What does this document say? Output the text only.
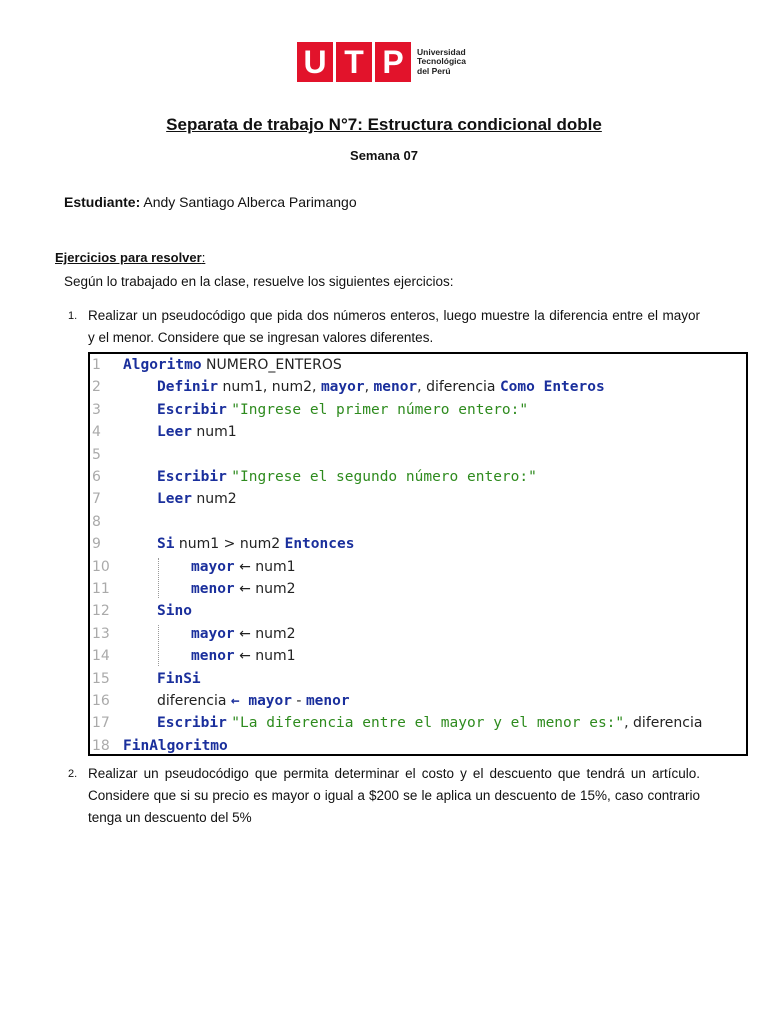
U T P	Universidad
Tecnológica
del Perú
Separata de trabajo N°7: Estructura condicional doble
Semana 07
Estudiante: Andy Santiago Alberca Parimango
Ejercicios para resolver:
Según lo trabajado en la clase, resuelve los siguientes ejercicios:
1. Realizar un pseudocódigo que pida dos números enteros, luego muestre la diferencia entre el mayor y el menor. Considere que se ingresan valores diferentes.
1	Algoritmo NUMERO_ENTEROS
2	Definir num1, num2, mayor, menor, diferencia Como Enteros
3	Escribir "Ingrese el primer número entero:"
4	Leer num1
5
6	Escribir "Ingrese el segundo número entero:"
7	Leer num2
8
9	Si num1 > num2 Entonces
10	mayor ← num1
11	menor ← num2
12	Sino
13	mayor ← num2
14	menor ← num1
15	FinSi
16	diferencia ← mayor - menor
17	Escribir "La diferencia entre el mayor y el menor es:", diferencia
18 FinAlgoritmo
2. Realizar un pseudocódigo que permita determinar el costo y el descuento que tendrá un artículo. Considere que si su precio es mayor o igual a $200 se le aplica un descuento de 15%, caso contrario tenga un descuento del 5%
